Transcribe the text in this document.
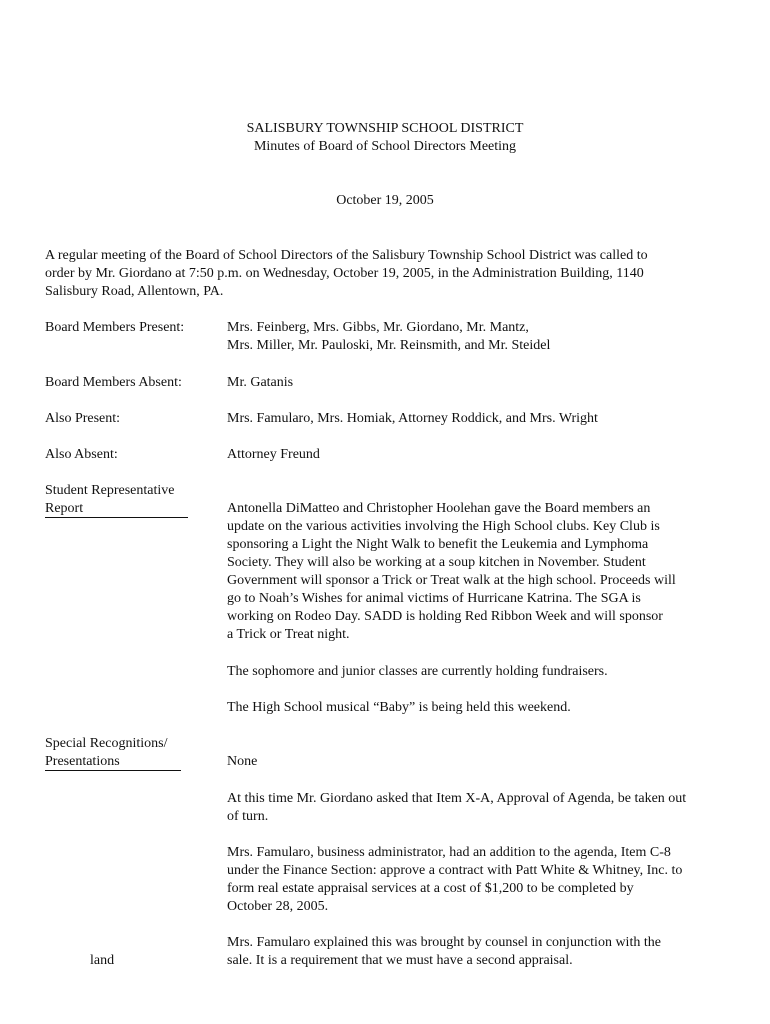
SALISBURY TOWNSHIP SCHOOL DISTRICT
Minutes of Board of School Directors Meeting
October 19, 2005
A regular meeting of the Board of School Directors of the Salisbury Township School District was called to
order by Mr. Giordano at 7:50 p.m. on Wednesday, October 19, 2005, in the Administration Building, 1140
Salisbury Road, Allentown, PA.
Board Members Present:	Mrs. Feinberg, Mrs. Gibbs, Mr. Giordano, Mr. Mantz,
Mrs. Miller, Mr. Pauloski, Mr. Reinsmith, and Mr. Steidel
Board Members Absent:	Mr. Gatanis
Also Present:	Mrs. Famularo, Mrs. Homiak, Attorney Roddick, and Mrs. Wright
Also Absent:	Attorney Freund
Student Representative
Report	Antonella DiMatteo and Christopher Hoolehan gave the Board members an
update on the various activities involving the High School clubs. Key Club is
sponsoring a Light the Night Walk to benefit the Leukemia and Lymphoma
Society. They will also be working at a soup kitchen in November. Student
Government will sponsor a Trick or Treat walk at the high school. Proceeds will
go to Noah’s Wishes for animal victims of Hurricane Katrina. The SGA is
working on Rodeo Day. SADD is holding Red Ribbon Week and will sponsor
a Trick or Treat night.
The sophomore and junior classes are currently holding fundraisers.
The High School musical “Baby” is being held this weekend.
Special Recognitions/
Presentations	None
At this time Mr. Giordano asked that Item X-A, Approval of Agenda, be taken out
of turn.
Mrs. Famularo, business administrator, had an addition to the agenda, Item C-8
under the Finance Section: approve a contract with Patt White & Whitney, Inc. to
form real estate appraisal services at a cost of $1,200 to be completed by
October 28, 2005.
Mrs. Famularo explained this was brought by counsel in conjunction with the
sale. It is a requirement that we must have a second appraisal.
land
